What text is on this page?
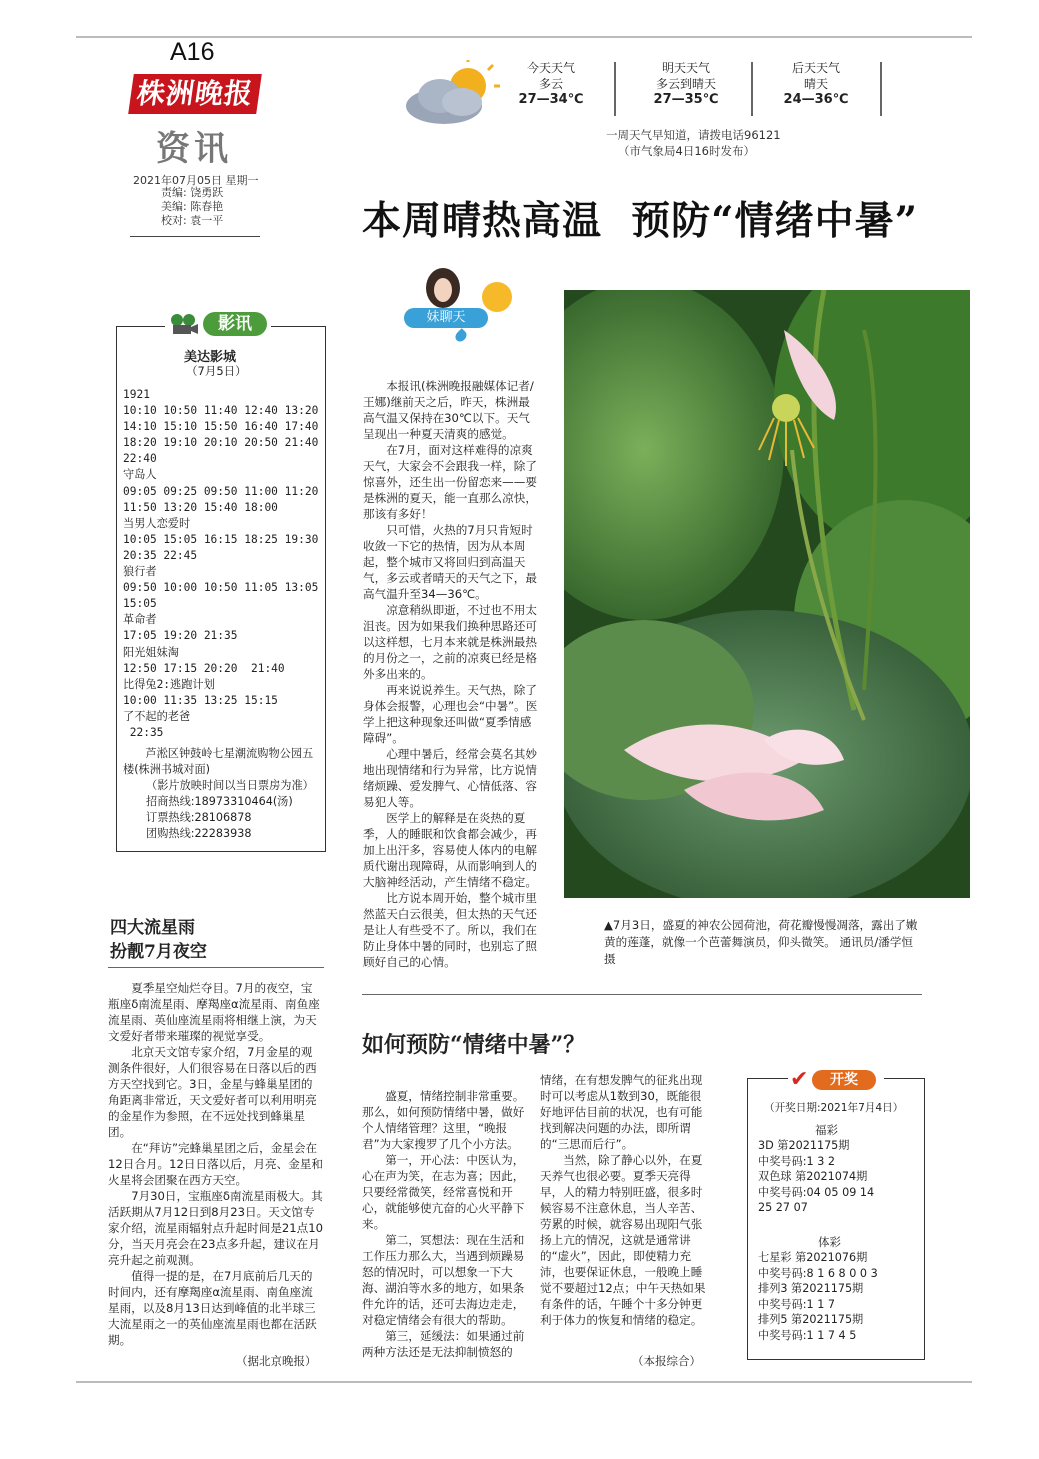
A16
株洲晚报
资讯
2021年07月05日 星期一
责编: 饶勇跃
美编: 陈春艳
校对: 袁一平
今天天气
多云
27—34℃
明天天气
多云到晴天
27—35℃
后天天气
晴天
24—36℃
一周天气早知道，请拨电话96121
（市气象局4日16时发布）
本周晴热高温  预防“情绪中暑”
影讯
美达影城
（7月5日）
1921
10:10 10:50 11:40 12:40 13:20
14:10 15:10 15:50 16:40 17:40
18:20 19:10 20:10 20:50 21:40
22:40
守岛人
09:05 09:25 09:50 11:00 11:20
11:50 13:20 15:40 18:00
当男人恋爱时
10:05 15:05 16:15 18:25 19:30
20:35 22:45
狼行者
09:50 10:00 10:50 11:05 13:05
15:05
革命者
17:05 19:20 21:35
阳光姐妹淘
12:50 17:15 20:20  21:40
比得兔2:逃跑计划
10:00 11:35 13:25 15:15
了不起的老爸
22:35
芦淞区钟鼓岭七星潮流购物公园五楼(株洲书城对面)
（影片放映时间以当日票房为准）
招商热线:18973310464(汤)
订票热线:28106878
团购热线:22283938
妹聊天

本报讯(株洲晚报融媒体记者/王娜)继前天之后，昨天，株洲最高气温又保持在30℃以下。天气呈现出一种夏天清爽的感觉。

在7月，面对这样难得的凉爽天气，大家会不会跟我一样，除了惊喜外，还生出一份留恋来——要是株洲的夏天，能一直那么凉快，那该有多好！

只可惜，火热的7月只肯短时收敛一下它的热情，因为从本周起，整个城市又将回归到高温天气，多云或者晴天的天气之下，最高气温升至34—36℃。

凉意稍纵即逝，不过也不用太沮丧。因为如果我们换种思路还可以这样想，七月本来就是株洲最热的月份之一，之前的凉爽已经是格外多出来的。

再来说说养生。天气热，除了身体会报警，心理也会“中暑”。医学上把这种现象还叫做“夏季情感障碍”。

心理中暑后，经常会莫名其妙地出现情绪和行为异常，比方说情绪烦躁、爱发脾气、心情低落、容易犯人等。

医学上的解释是在炎热的夏季，人的睡眠和饮食都会减少，再加上出汗多，容易使人体内的电解质代谢出现障碍，从而影响到人的大脑神经活动，产生情绪不稳定。

比方说本周开始，整个城市里然蓝天白云很美，但太热的天气还是让人有些受不了。所以，我们在防止身体中暑的同时，也别忘了照顾好自己的心情。

▲7月3日，盛夏的神农公园荷池，荷花瓣慢慢凋落，露出了嫩黄的莲蓬，就像一个芭蕾舞演员，仰头微笑。 通讯员/潘学恒 摄
四大流星雨
扮靓7月夜空

夏季星空灿烂夺目。7月的夜空，宝瓶座δ南流星雨、摩羯座α流星雨、南鱼座流星雨、英仙座流星雨将相继上演，为天文爱好者带来璀璨的视觉享受。

北京天文馆专家介绍，7月金星的观测条件很好，人们很容易在日落以后的西方天空找到它。3日，金星与蜂巢星团的角距离非常近，天文爱好者可以利用明亮的金星作为参照，在不远处找到蜂巢星团。

在“拜访”完蜂巢星团之后，金星会在12日合月。12日日落以后，月亮、金星和火星将会团聚在西方天空。

7月30日，宝瓶座δ南流星雨极大。其活跃期从7月12日到8月23日。天文馆专家介绍，流星雨辐射点升起时间是21点10分，当天月亮会在23点多升起，建议在月亮升起之前观测。

值得一提的是，在7月底前后几天的时间内，还有摩羯座α流星雨、南鱼座流星雨，以及8月13日达到峰值的北半球三大流星雨之一的英仙座流星雨也都在活跃期。

（据北京晚报）
如何预防“情绪中暑”？

盛夏，情绪控制非常重要。那么，如何预防情绪中暑，做好个人情绪管理？这里，“晚报君”为大家搜罗了几个小方法。

第一，开心法：中医认为，心在声为笑，在志为喜；因此，只要经常微笑，经常喜悦和开心，就能够使亢奋的心火平静下来。

第二，冥想法：现在生活和工作压力那么大，当遇到烦躁易怒的情况时，可以想象一下大海、湖泊等水多的地方，如果条件允许的话，还可去海边走走，对稳定情绪会有很大的帮助。

第三，延缓法：如果通过前两种方法还是无法抑制愤怒的

情绪，在有想发脾气的征兆出现时可以考虑从1数到30，既能很好地评估目前的状况，也有可能找到解决问题的办法，即所谓的“三思而后行”。

当然，除了静心以外，在夏天养气也很必要。夏季天亮得早，人的精力特别旺盛，很多时候容易不注意休息，当人辛苦、劳累的时候，就容易出现阳气张扬上亢的情况，这就是通常讲的“虚火”，因此，即使精力充沛，也要保证休息，一般晚上睡觉不要超过12点；中午天热如果有条件的话，午睡个十多分钟更利于体力的恢复和情绪的稳定。

（本报综合）
✔	开奖
（开奖日期:2021年7月4日）
福彩
3D 第2021175期
中奖号码:1 3 2
双色球 第2021074期
中奖号码:04 05 09 14
25 27 07
体彩
七星彩 第2021076期
中奖号码:8 1 6 8 0 0 3
排列3 第2021175期
中奖号码:1 1 7
排列5 第2021175期
中奖号码:1 1 7 4 5
